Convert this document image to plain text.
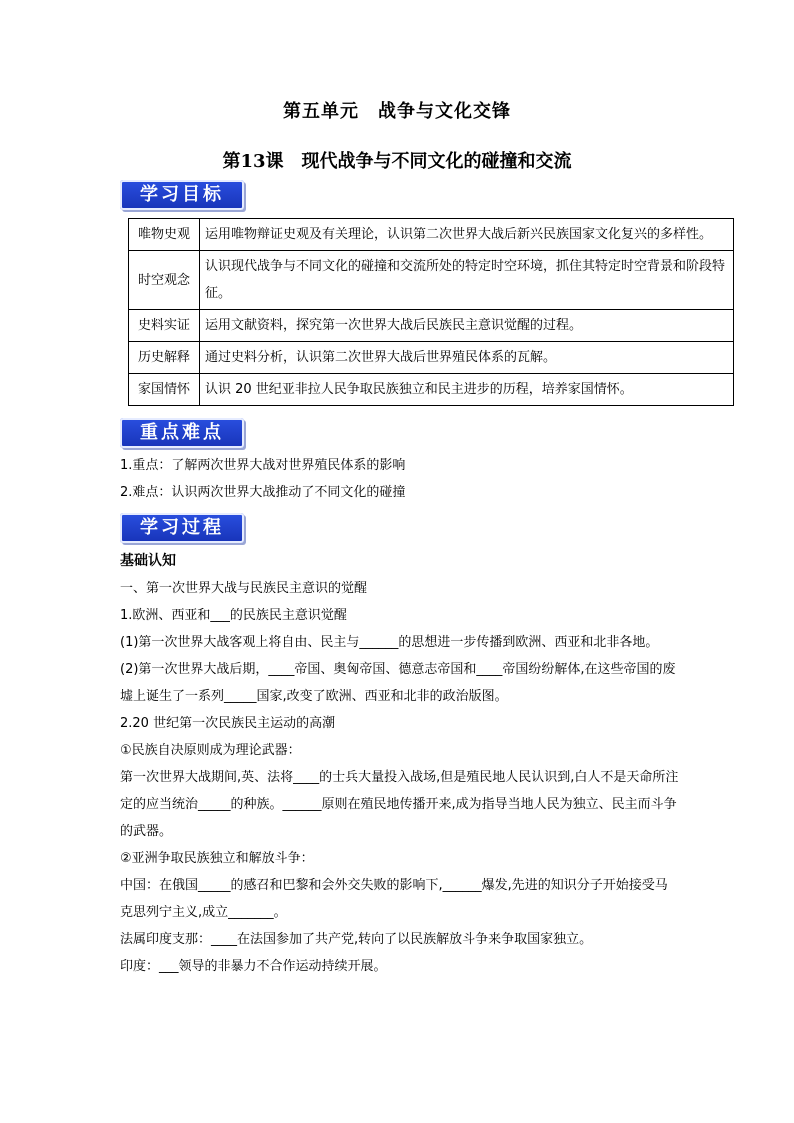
第五单元　战争与文化交锋
第13课　现代战争与不同文化的碰撞和交流
学习目标
唯物史观	运用唯物辩证史观及有关理论，认识第二次世界大战后新兴民族国家文化复兴的多样性。
时空观念	认识现代战争与不同文化的碰撞和交流所处的特定时空环境，抓住其特定时空背景和阶段特征。
史料实证	运用文献资料，探究第一次世界大战后民族民主意识觉醒的过程。
历史解释	通过史料分析，认识第二次世界大战后世界殖民体系的瓦解。
家国情怀	认识 20 世纪亚非拉人民争取民族独立和民主进步的历程，培养家国情怀。
重点难点
1.重点：了解两次世界大战对世界殖民体系的影响
2.难点：认识两次世界大战推动了不同文化的碰撞
学习过程
基础认知
一、第一次世界大战与民族民主意识的觉醒
1.欧洲、西亚和___的民族民主意识觉醒
(1)第一次世界大战客观上将自由、民主与______的思想进一步传播到欧洲、西亚和北非各地。
(2)第一次世界大战后期，____帝国、奥匈帝国、德意志帝国和____帝国纷纷解体,在这些帝国的废墟上诞生了一系列_____国家,改变了欧洲、西亚和北非的政治版图。
2.20 世纪第一次民族民主运动的高潮
①民族自决原则成为理论武器：
第一次世界大战期间,英、法将____的士兵大量投入战场,但是殖民地人民认识到,白人不是天命所注定的应当统治_____的种族。______原则在殖民地传播开来,成为指导当地人民为独立、民主而斗争的武器。
②亚洲争取民族独立和解放斗争：
中国：在俄国_____的感召和巴黎和会外交失败的影响下,______爆发,先进的知识分子开始接受马克思列宁主义,成立_______。
法属印度支那：____在法国参加了共产党,转向了以民族解放斗争来争取国家独立。
印度：___领导的非暴力不合作运动持续开展。
